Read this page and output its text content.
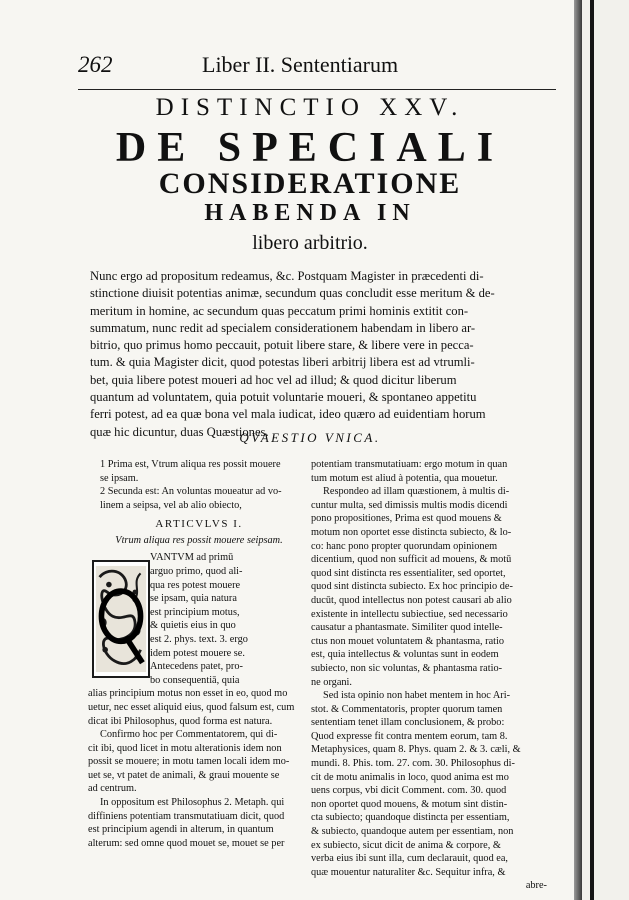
262	Liber II. Sententiarum
DISTINCTIO XXV.
DE SPECIALI
CONSIDERATIONE
HABENDA IN
libero arbitrio.
Nunc ergo ad propositum redeamus, &c. Postquam Magister in præcedenti di-
stinctione diuisit potentias animæ, secundum quas concludit esse meritum & de-
meritum in homine, ac secundum quas peccatum primi hominis extitit con-
summatum, nunc redit ad specialem considerationem habendam in libero ar-
bitrio, quo primus homo peccauit, potuit libere stare, & libere vere in pecca-
tum. & quia Magister dicit, quod potestas liberi arbitrij libera est ad vtrumli-
bet, quia libere potest moueri ad hoc vel ad illud; & quod dicitur liberum
quantum ad voluntatem, quia potuit voluntarie moueri, & spontaneo appetitu
ferri potest, ad ea quæ bona vel mala iudicat, ideo quæro ad euidentiam horum
quæ hic dicuntur, duas Quæstiones.
QVAESTIO VNICA.
1 Prima est, Vtrum aliqua res possit mouere
se ipsam.
2 Secunda est: An voluntas moueatur ad vo-
linem a seipsa, vel ab alio obiecto,
ARTICVLVS I.
Vtrum aliqua res possit mouere seipsam.
VANTVM ad primū
arguo primo, quod ali-
qua res potest mouere
se ipsam, quia natura
est principium motus,
& quietis eius in quo
est 2. phys. text. 3. ergo
idem potest mouere se.
Antecedens patet, pro-
bo consequentiā, quia
alias principium motus non esset in eo, quod mo
uetur, nec esset aliquid eius, quod falsum est, cum
dicat ibi Philosophus, quod forma est natura.
Confirmo hoc per Commentatorem, qui di-
cit ibi, quod licet in motu alterationis idem non
possit se mouere; in motu tamen locali idem mo-
uet se, vt patet de animali, & graui mouente se
ad centrum.
In oppositum est Philosophus 2. Metaph. qui
diffiniens potentiam transmutatiuam dicit, quod
est principium agendi in alterum, in quantum
alterum: sed omne quod mouet se, mouet se per
potentiam transmutatiuam: ergo motum in quan
tum motum est aliud à potentia, qua mouetur.
Respondeo ad illam quæstionem, à multis di-
cuntur multa, sed dimissis multis modis dicendi
pono propositiones, Prima est quod mouens &
motum non oportet esse distincta subiecto, & lo-
co: hanc pono propter quorundam opinionem
dicentium, quod non sufficit ad mouens, & motū
quod sint distincta res essentialiter, sed oportet,
quod sint distincta subiecto. Ex hoc principio de-
ducūt, quod intellectus non potest causari ab alio
existente in intellectu subiectiue, sed necessario
causatur a phantasmate. Similiter quod intelle-
ctus non mouet voluntatem & phantasma, ratio
est, quia intellectus & voluntas sunt in eodem
subiecto, non sic voluntas, & phantasma ratio-
ne organi.
Sed ista opinio non habet mentem in hoc Ari-
stot. & Commentatoris, propter quorum tamen
sententiam tenet illam conclusionem, & probo:
Quod expresse fit contra mentem eorum, tam 8.
Metaphysices, quam 8. Phys. quam 2. & 3. cæli, &
mundi. 8. Phis. tom. 27. com. 30. Philosophus di-
cit de motu animalis in loco, quod anima est mo
uens corpus, vbi dicit Comment. com. 30. quod
non oportet quod mouens, & motum sint distin-
cta subiecto; quandoque distincta per essentiam,
& subiecto, quandoque autem per essentiam, non
ex subiecto, sicut dicit de anima & corpore, &
verba eius ibi sunt illa, cum declarauit, quod ea,
quæ mouentur naturaliter &c. Sequitur infra, &
abre-
